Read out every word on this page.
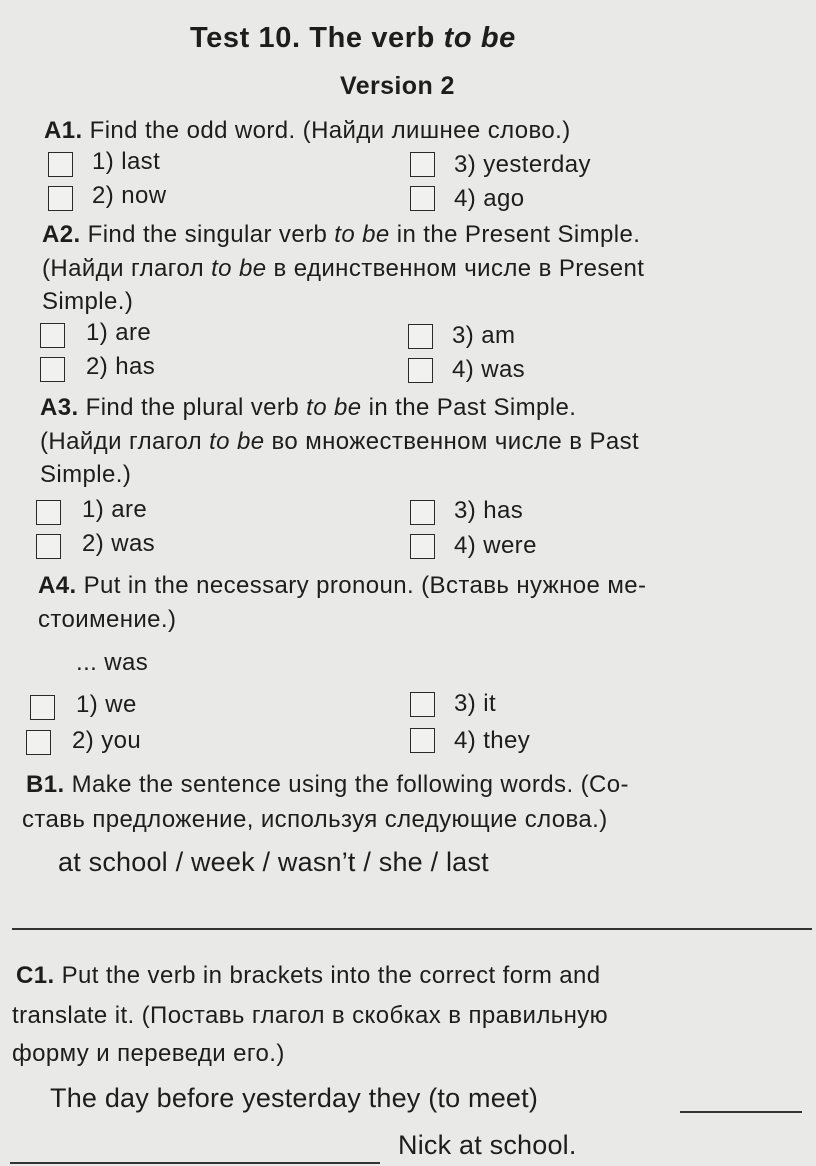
Test 10. The verb to be
Version 2
A1. Find the odd word. (Найди лишнее слово.)
1) last
2) now
3) yesterday
4) ago
A2. Find the singular verb to be in the Present Simple.
(Найди глагол to be в единственном числе в Present
Simple.)
1) are
2) has
3) am
4) was
A3. Find the plural verb to be in the Past Simple.
(Найди глагол to be во множественном числе в Past
Simple.)
1) are
2) was
3) has
4) were
A4. Put in the necessary pronoun. (Вставь нужное ме-
стоимение.)
... was
1) we
2) you
3) it
4) they
B1. Make the sentence using the following words. (Со-
ставь предложение, используя следующие слова.)
at school / week / wasn’t / she / last
C1. Put the verb in brackets into the correct form and
translate it. (Поставь глагол в скобках в правильную
форму и переведи его.)
The day before yesterday they (to meet)
Nick at school.
